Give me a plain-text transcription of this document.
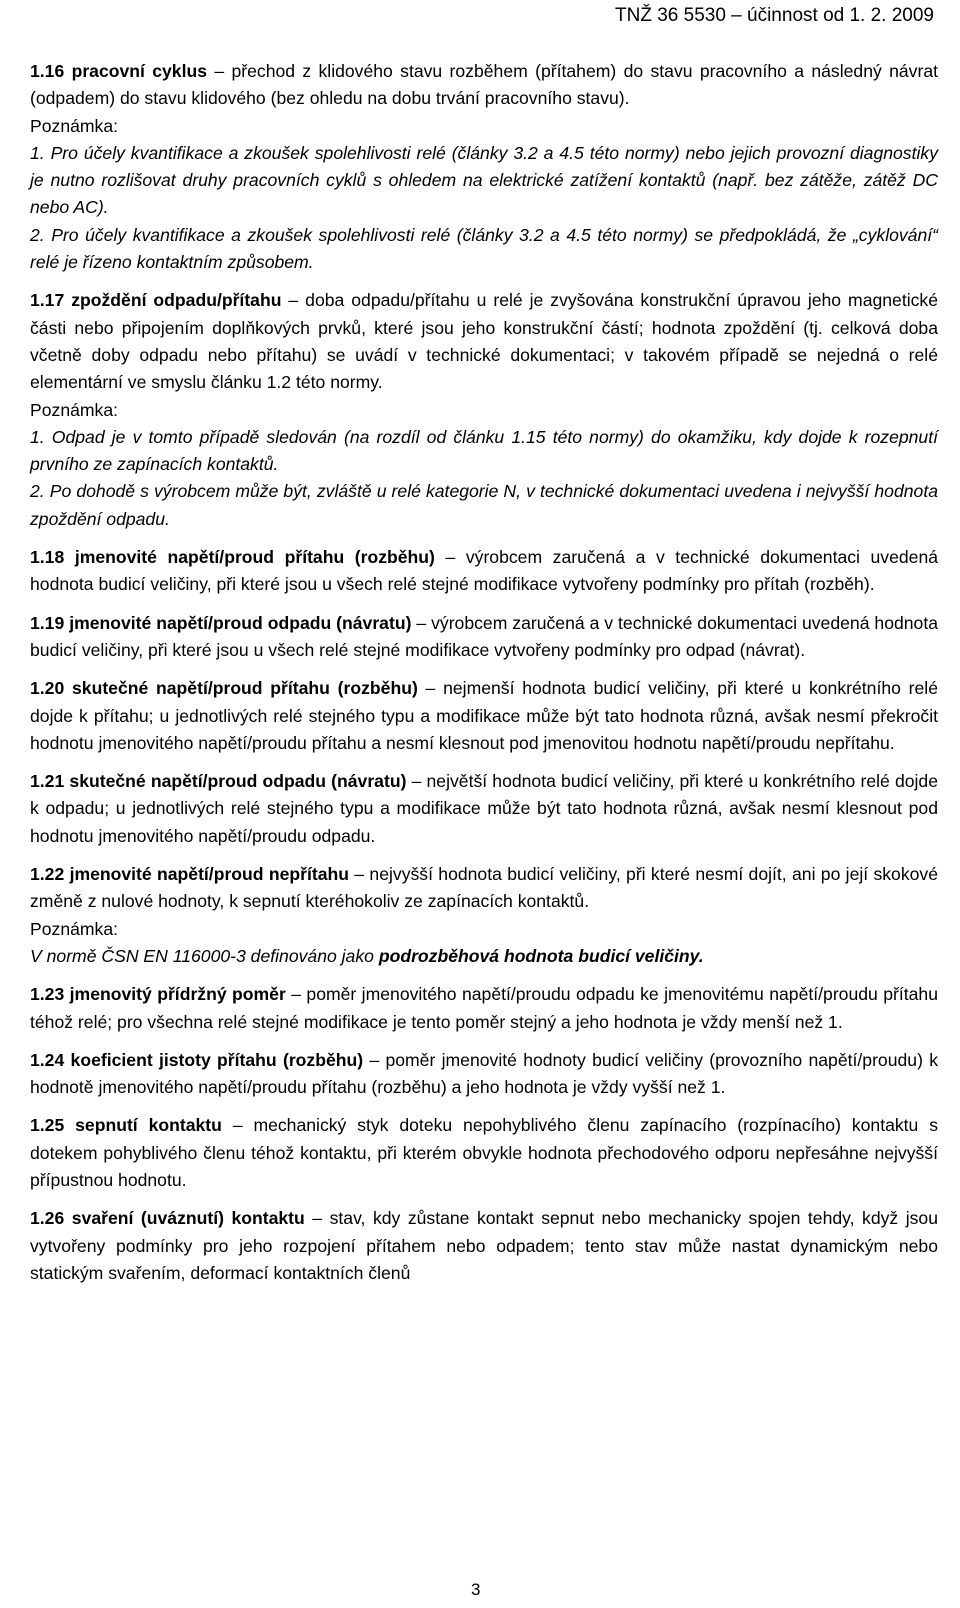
TNŽ 36 5530 – účinnost od 1. 2. 2009

1.16 pracovní cyklus – přechod z klidového stavu rozběhem (přítahem) do stavu pracovního a následný návrat (odpadem) do stavu klidového (bez ohledu na dobu trvání pracovního stavu).

Poznámka:

1. Pro účely kvantifikace a zkoušek spolehlivosti relé (články 3.2 a 4.5 této normy) nebo jejich provozní diagnostiky je nutno rozlišovat druhy pracovních cyklů s ohledem na elektrické zatížení kontaktů (např. bez zátěže, zátěž DC nebo AC).

2. Pro účely kvantifikace a zkoušek spolehlivosti relé (články 3.2 a 4.5 této normy) se předpokládá, že „cyklování“ relé je řízeno kontaktním způsobem.

1.17 zpoždění odpadu/přítahu – doba odpadu/přítahu u relé je zvyšována konstrukční úpravou jeho magnetické části nebo připojením doplňkových prvků, které jsou jeho konstrukční částí; hodnota zpoždění (tj. celková doba včetně doby odpadu nebo přítahu) se uvádí v technické dokumentaci; v takovém případě se nejedná o relé elementární ve smyslu článku 1.2 této normy.

Poznámka:

1. Odpad je v tomto případě sledován (na rozdíl od článku 1.15 této normy) do okamžiku, kdy dojde k rozepnutí prvního ze zapínacích kontaktů.

2. Po dohodě s výrobcem může být, zvláště u relé kategorie N, v technické dokumentaci uvedena i nejvyšší hodnota zpoždění odpadu.

1.18 jmenovité napětí/proud přítahu (rozběhu) – výrobcem zaručená a v technické dokumentaci uvedená hodnota budicí veličiny, při které jsou u všech relé stejné modifikace vytvořeny podmínky pro přítah (rozběh).

1.19 jmenovité napětí/proud odpadu (návratu) – výrobcem zaručená a v technické dokumentaci uvedená hodnota budicí veličiny, při které jsou u všech relé stejné modifikace vytvořeny podmínky pro odpad (návrat).

1.20 skutečné napětí/proud přítahu (rozběhu) – nejmenší hodnota budicí veličiny, při které u konkrétního relé dojde k přítahu; u jednotlivých relé stejného typu a modifikace může být tato hodnota různá, avšak nesmí překročit hodnotu jmenovitého napětí/proudu přítahu a nesmí klesnout pod jmenovitou hodnotu napětí/proudu nepřítahu.

1.21 skutečné napětí/proud odpadu (návratu) – největší hodnota budicí veličiny, při které u konkrétního relé dojde k odpadu; u jednotlivých relé stejného typu a modifikace může být tato hodnota různá, avšak nesmí klesnout pod hodnotu jmenovitého napětí/proudu odpadu.

1.22 jmenovité napětí/proud nepřítahu – nejvyšší hodnota budicí veličiny, při které nesmí dojít, ani po její skokové změně z nulové hodnoty, k sepnutí kteréhokoliv ze zapínacích kontaktů.

Poznámka:

V normě ČSN EN 116000-3 definováno jako podrozběhová hodnota budicí veličiny.

1.23 jmenovitý přídržný poměr – poměr jmenovitého napětí/proudu odpadu ke jmenovitému napětí/proudu přítahu téhož relé; pro všechna relé stejné modifikace je tento poměr stejný a jeho hodnota je vždy menší než 1.

1.24 koeficient jistoty přítahu (rozběhu) – poměr jmenovité hodnoty budicí veličiny (provozního napětí/proudu) k hodnotě jmenovitého napětí/proudu přítahu (rozběhu) a jeho hodnota je vždy vyšší než 1.

1.25 sepnutí kontaktu – mechanický styk doteku nepohyblivého členu zapínacího (rozpínacího) kontaktu s dotekem pohyblivého členu téhož kontaktu, při kterém obvykle hodnota přechodového odporu nepřesáhne nejvyšší přípustnou hodnotu.

1.26 svaření (uváznutí) kontaktu – stav, kdy zůstane kontakt sepnut nebo mechanicky spojen tehdy, když jsou vytvořeny podmínky pro jeho rozpojení přítahem nebo odpadem; tento stav může nastat dynamickým nebo statickým svařením, deformací kontaktních členů

3
